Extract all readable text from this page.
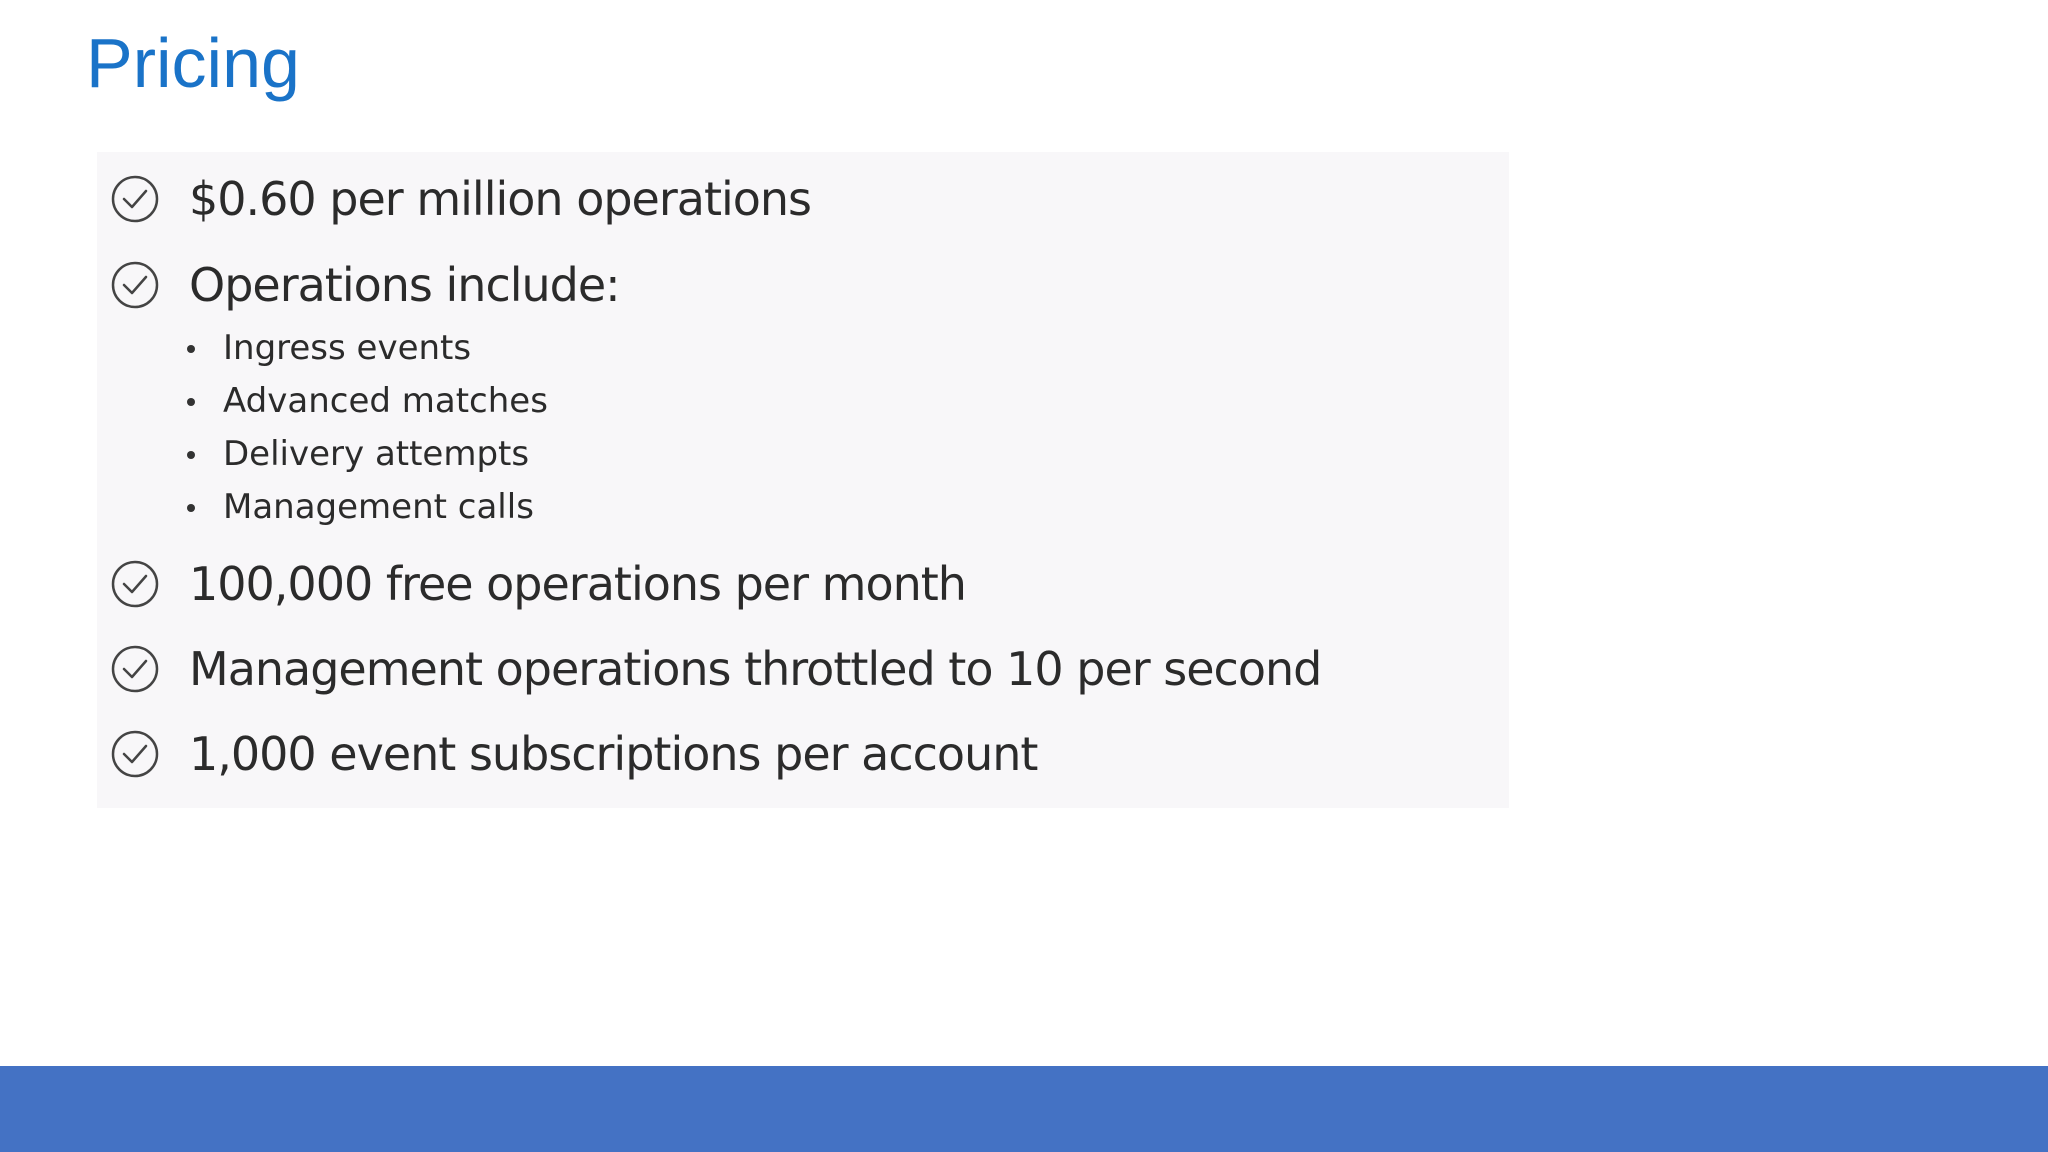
Pricing
$0.60 per million operations
Operations include:
Ingress events
Advanced matches
Delivery attempts
Management calls
100,000 free operations per month
Management operations throttled to 10 per second
1,000 event subscriptions per account
